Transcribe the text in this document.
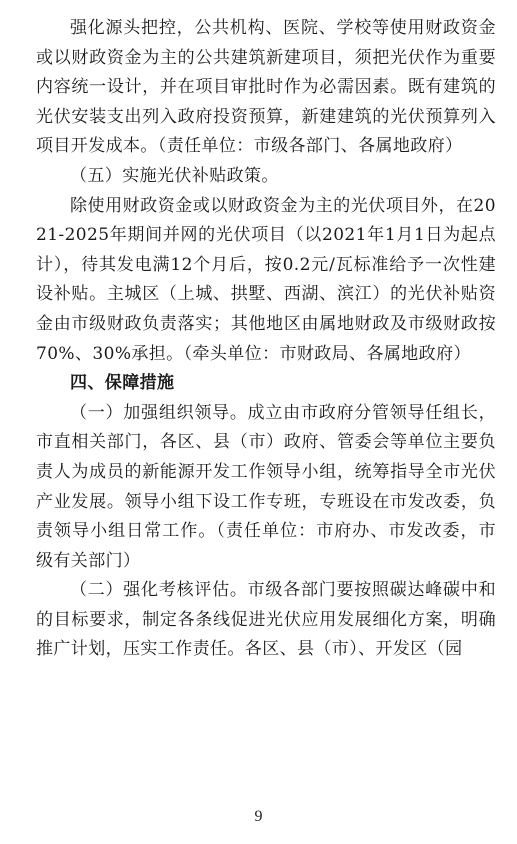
强化源头把控，公共机构、医院、学校等使用财政资金或以财政资金为主的公共建筑新建项目，须把光伏作为重要内容统一设计，并在项目审批时作为必需因素。既有建筑的光伏安装支出列入政府投资预算，新建建筑的光伏预算列入项目开发成本。（责任单位：市级各部门、各属地政府）

（五）实施光伏补贴政策。

除使用财政资金或以财政资金为主的光伏项目外，在2021-2025年期间并网的光伏项目（以2021年1月1日为起点计），待其发电满12个月后，按0.2元/瓦标准给予一次性建设补贴。主城区（上城、拱墅、西湖、滨江）的光伏补贴资金由市级财政负责落实；其他地区由属地财政及市级财政按70%、30%承担。（牵头单位：市财政局、各属地政府）

四、保障措施

（一）加强组织领导。成立由市政府分管领导任组长，市直相关部门，各区、县（市）政府、管委会等单位主要负责人为成员的新能源开发工作领导小组，统筹指导全市光伏产业发展。领导小组下设工作专班，专班设在市发改委，负责领导小组日常工作。（责任单位：市府办、市发改委，市级有关部门）

（二）强化考核评估。市级各部门要按照碳达峰碳中和的目标要求，制定各条线促进光伏应用发展细化方案，明确推广计划，压实工作责任。各区、县（市）、开发区（园

9
